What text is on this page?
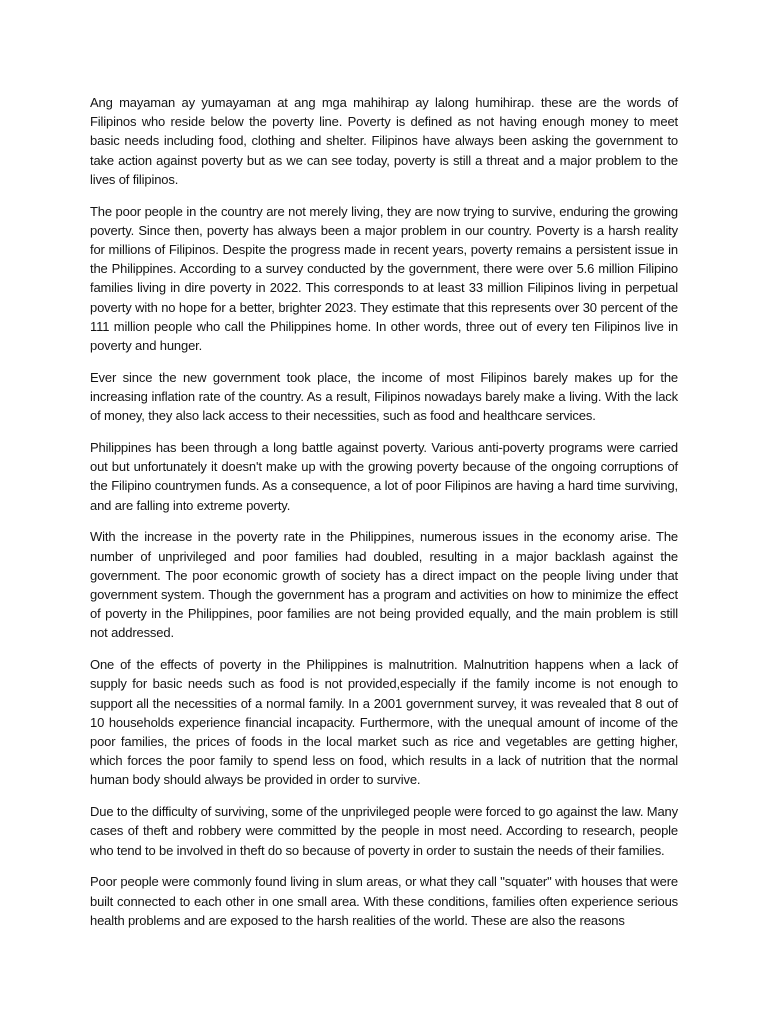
Ang mayaman ay yumayaman at ang mga mahihirap ay lalong humihirap. these are the words of Filipinos who reside below the poverty line. Poverty is defined as not having enough money to meet basic needs including food, clothing and shelter. Filipinos have always been asking the government to take action against poverty but as we can see today, poverty is still a threat and a major problem to the lives of filipinos.

The poor people in the country are not merely living, they are now trying to survive, enduring the growing poverty. Since then, poverty has always been a major problem in our country. Poverty is a harsh reality for millions of Filipinos. Despite the progress made in recent years, poverty remains a persistent issue in the Philippines. According to a survey conducted by the government, there were over 5.6 million Filipino families living in dire poverty in 2022. This corresponds to at least 33 million Filipinos living in perpetual poverty with no hope for a better, brighter 2023. They estimate that this represents over 30 percent of the 111 million people who call the Philippines home. In other words, three out of every ten Filipinos live in poverty and hunger.

Ever since the new government took place, the income of most Filipinos barely makes up for the increasing inflation rate of the country. As a result, Filipinos nowadays barely make a living. With the lack of money, they also lack access to their necessities, such as food and healthcare services.

Philippines has been through a long battle against poverty. Various anti-poverty programs were carried out but unfortunately it doesn't make up with the growing poverty because of the ongoing corruptions of the Filipino countrymen funds. As a consequence, a lot of poor Filipinos are having a hard time surviving, and are falling into extreme poverty.

With the increase in the poverty rate in the Philippines, numerous issues in the economy arise. The number of unprivileged and poor families had doubled, resulting in a major backlash against the government. The poor economic growth of society has a direct impact on the people living under that government system. Though the government has a program and activities on how to minimize the effect of poverty in the Philippines, poor families are not being provided equally, and the main problem is still not addressed.

One of the effects of poverty in the Philippines is malnutrition. Malnutrition happens when a lack of supply for basic needs such as food is not provided,especially if the family income is not enough to support all the necessities of a normal family. In a 2001 government survey, it was revealed that 8 out of 10 households experience financial incapacity. Furthermore, with the unequal amount of income of the poor families, the prices of foods in the local market such as rice and vegetables are getting higher, which forces the poor family to spend less on food, which results in a lack of nutrition that the normal human body should always be provided in order to survive.

Due to the difficulty of surviving, some of the unprivileged people were forced to go against the law. Many cases of theft and robbery were committed by the people in most need. According to research, people who tend to be involved in theft do so because of poverty in order to sustain the needs of their families.

Poor people were commonly found living in slum areas, or what they call "squater" with houses that were built connected to each other in one small area. With these conditions, families often experience serious health problems and are exposed to the harsh realities of the world. These are also the reasons
